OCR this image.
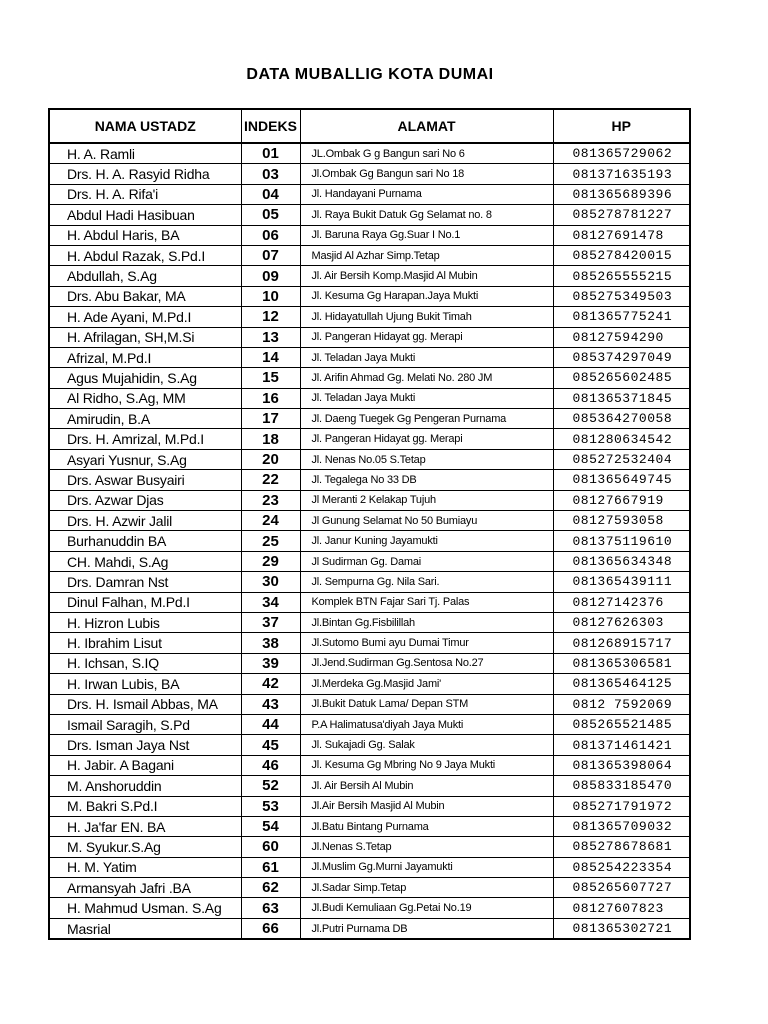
DATA MUBALLIG KOTA DUMAI
NAMA USTADZ	INDEKS	ALAMAT	HP
H. A. Ramli	01	JL.Ombak G g Bangun sari No 6	081365729062
Drs. H. A. Rasyid Ridha	03	Jl.Ombak Gg Bangun sari No 18	081371635193
Drs. H. A. Rifa'i	04	Jl. Handayani Purnama	081365689396
Abdul Hadi Hasibuan	05	Jl. Raya Bukit Datuk Gg Selamat no. 8	085278781227
H. Abdul Haris, BA	06	Jl. Baruna Raya Gg.Suar I No.1	08127691478
H. Abdul Razak, S.Pd.I	07	Masjid Al Azhar Simp.Tetap	085278420015
Abdullah, S.Ag	09	Jl. Air Bersih Komp.Masjid Al Mubin	085265555215
Drs. Abu Bakar, MA	10	Jl. Kesuma Gg Harapan.Jaya Mukti	085275349503
H. Ade Ayani, M.Pd.I	12	Jl. Hidayatullah Ujung Bukit Timah	081365775241
H. Afrilagan, SH,M.Si	13	Jl. Pangeran Hidayat gg. Merapi	08127594290
Afrizal, M.Pd.I	14	Jl. Teladan Jaya Mukti	085374297049
Agus Mujahidin, S.Ag	15	Jl. Arifin Ahmad Gg. Melati No. 280 JM	085265602485
Al Ridho, S.Ag, MM	16	Jl. Teladan Jaya Mukti	081365371845
Amirudin, B.A	17	Jl. Daeng Tuegek Gg Pengeran Purnama	085364270058
Drs. H. Amrizal, M.Pd.I	18	Jl. Pangeran Hidayat gg. Merapi	081280634542
Asyari Yusnur, S.Ag	20	Jl. Nenas No.05 S.Tetap	085272532404
Drs. Aswar Busyairi	22	Jl. Tegalega No 33 DB	081365649745
Drs. Azwar Djas	23	Jl Meranti 2 Kelakap Tujuh	08127667919
Drs. H. Azwir Jalil	24	Jl Gunung Selamat No 50 Bumiayu	08127593058
Burhanuddin BA	25	Jl. Janur Kuning Jayamukti	081375119610
CH. Mahdi, S.Ag	29	Jl Sudirman Gg. Damai	081365634348
Drs. Damran Nst	30	Jl. Sempurna Gg. Nila Sari.	081365439111
Dinul Falhan, M.Pd.I	34	Komplek BTN Fajar Sari Tj. Palas	08127142376
H. Hizron Lubis	37	Jl.Bintan Gg.Fisbilillah	08127626303
H. Ibrahim Lisut	38	Jl.Sutomo Bumi ayu Dumai Timur	081268915717
H. Ichsan, S.IQ	39	Jl.Jend.Sudirman Gg.Sentosa No.27	081365306581
H. Irwan Lubis, BA	42	Jl.Merdeka Gg.Masjid Jami'	081365464125
Drs. H. Ismail Abbas, MA	43	Jl.Bukit Datuk Lama/ Depan STM	0812 7592069
Ismail Saragih, S.Pd	44	P.A Halimatusa'diyah Jaya Mukti	085265521485
Drs. Isman Jaya Nst	45	Jl. Sukajadi Gg. Salak	081371461421
H. Jabir. A Bagani	46	Jl. Kesuma Gg Mbring No 9 Jaya Mukti	081365398064
M. Anshoruddin	52	Jl. Air Bersih Al Mubin	085833185470
M. Bakri S.Pd.I	53	Jl.Air Bersih Masjid Al Mubin	085271791972
H. Ja'far EN. BA	54	Jl.Batu Bintang Purnama	081365709032
M. Syukur.S.Ag	60	Jl.Nenas S.Tetap	085278678681
H. M. Yatim	61	Jl.Muslim Gg.Murni Jayamukti	085254223354
Armansyah Jafri .BA	62	Jl.Sadar Simp.Tetap	085265607727
H. Mahmud Usman. S.Ag	63	Jl.Budi Kemuliaan Gg.Petai No.19	08127607823
Masrial	66	Jl.Putri Purnama DB	081365302721
